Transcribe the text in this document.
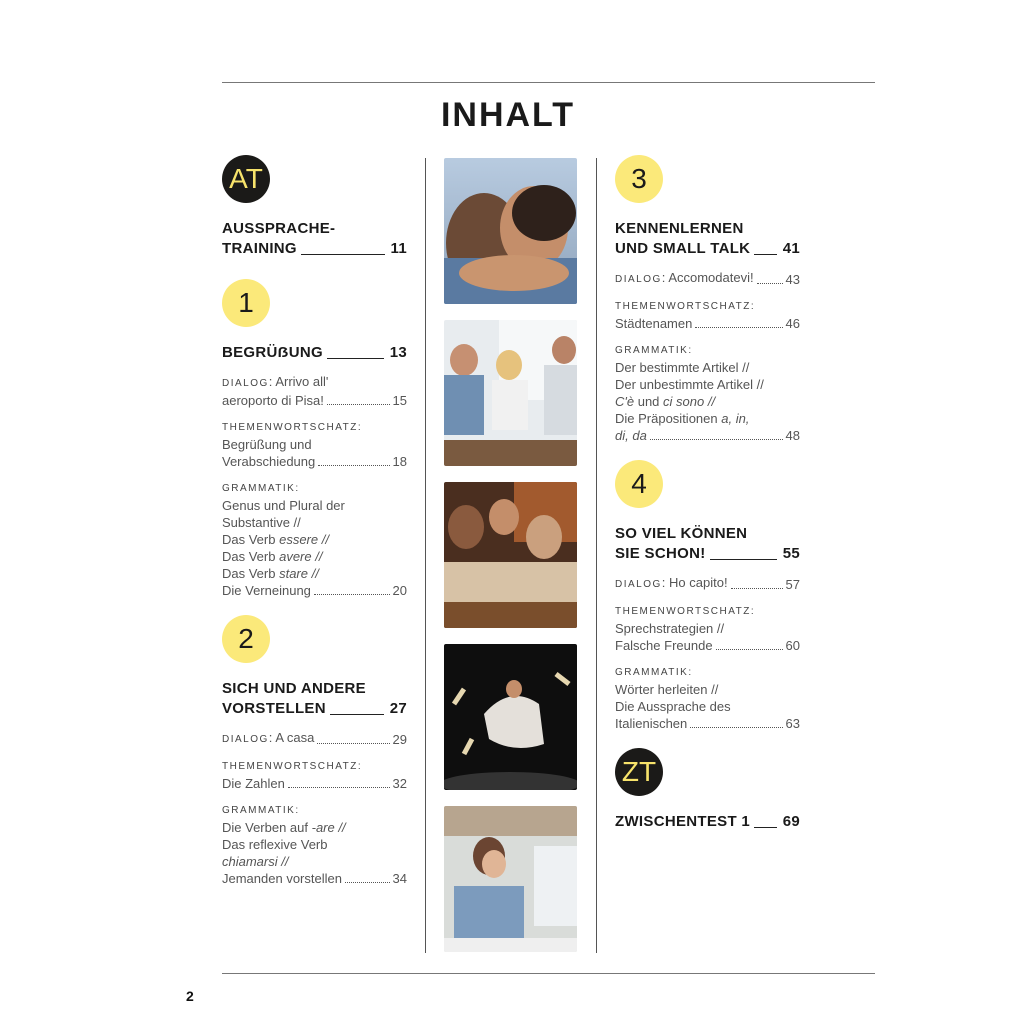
INHALT
AT
AUSSPRACHE-
TRAINING	11
1
BEGRÜẞUNG	13
DIALOG: Arrivo all'
aeroporto di Pisa!	15
THEMENWORTSCHATZ:
Begrüßung und
Verabschiedung	18
GRAMMATIK:
Genus und Plural der
Substantive //
Das Verb essere //
Das Verb avere //
Das Verb stare //
Die Verneinung	20
2
SICH UND ANDERE
VORSTELLEN	27
DIALOG: A casa	29
THEMENWORTSCHATZ:
Die Zahlen	32
GRAMMATIK:
Die Verben auf -are //
Das reflexive Verb
chiamarsi //
Jemanden vorstellen	34
3
KENNENLERNEN
UND SMALL TALK 41
DIALOG: Accomodatevi! 43
THEMENWORTSCHATZ:
Städtenamen	46
GRAMMATIK:
Der bestimmte Artikel //
Der unbestimmte Artikel //
C'è und ci sono //
Die Präpositionen a, in,
di, da	48
4
SO VIEL KÖNNEN
SIE SCHON!	55
DIALOG: Ho capito!	57
THEMENWORTSCHATZ:
Sprechstrategien //
Falsche Freunde	60
GRAMMATIK:
Wörter herleiten //
Die Aussprache des
Italienischen	63
ZT
ZWISCHENTEST 1 69
2
